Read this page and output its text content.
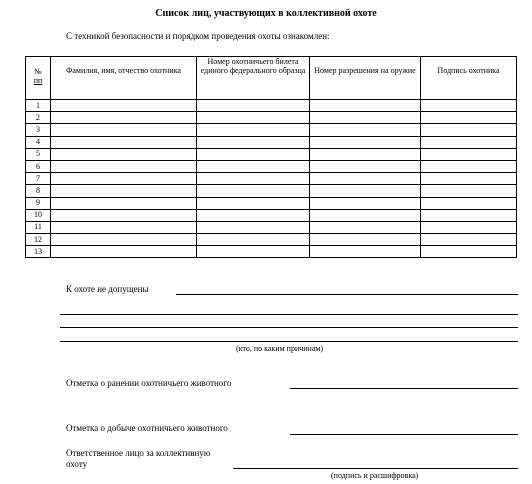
Список лиц, участвующих в коллективной охоте
С техникой безопасности и порядком проведения охоты ознакомлен:
№
пп	Фамилия, имя, отчество охотника	Номер охотничьего билета единого федерального образца	Номер разрешения на оружие	Подпись охотника

1				
2				
3				
4				
5				
6				
7				
8				
9				
10				
11				
12				
13				
К охоте не допущены
(кто, по каким причинам)
Отметка о ранении охотничьего животного
Отметка о добыче охотничьего животного
Ответственное лицо за коллективную
охоту
(подпись и расшифровка)
